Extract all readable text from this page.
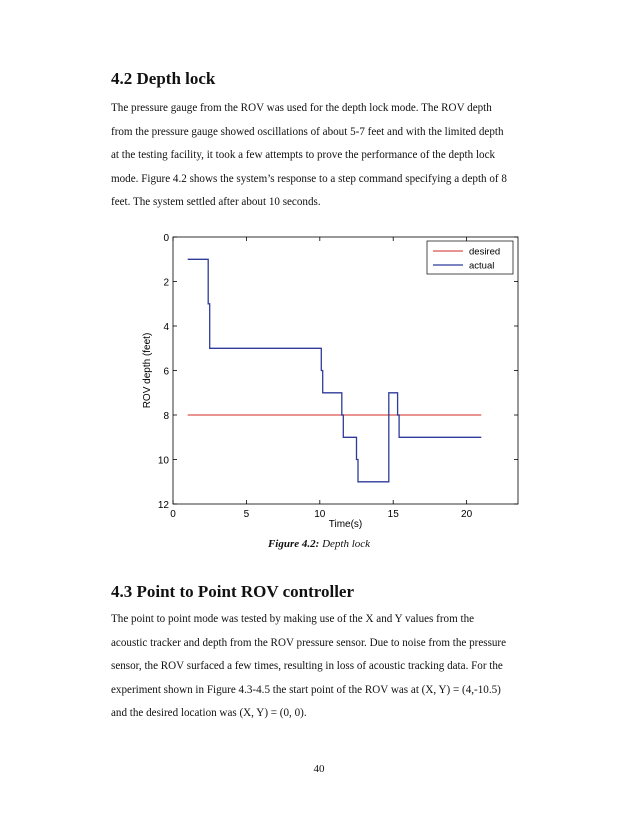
4.2 Depth lock

The pressure gauge from the ROV was used for the depth lock mode. The ROV depth
from the pressure gauge showed oscillations of about 5-7 feet and with the limited depth
at the testing facility, it took a few attempts to prove the performance of the depth lock
mode. Figure 4.2 shows the system’s response to a step command specifying a depth of 8
feet. The system settled after about 10 seconds.

0	5	10	15	20
0
2
4
6
8
10
12
Time(s)
ROV depth (feet)
desired
actual
Figure 4.2: Depth lock
4.3 Point to Point ROV controller

The point to point mode was tested by making use of the X and Y values from the
acoustic tracker and depth from the ROV pressure sensor. Due to noise from the pressure
sensor, the ROV surfaced a few times, resulting in loss of acoustic tracking data. For the
experiment shown in Figure 4.3-4.5 the start point of the ROV was at (X, Y) = (4,-10.5)
and the desired location was (X, Y) = (0, 0).

40
